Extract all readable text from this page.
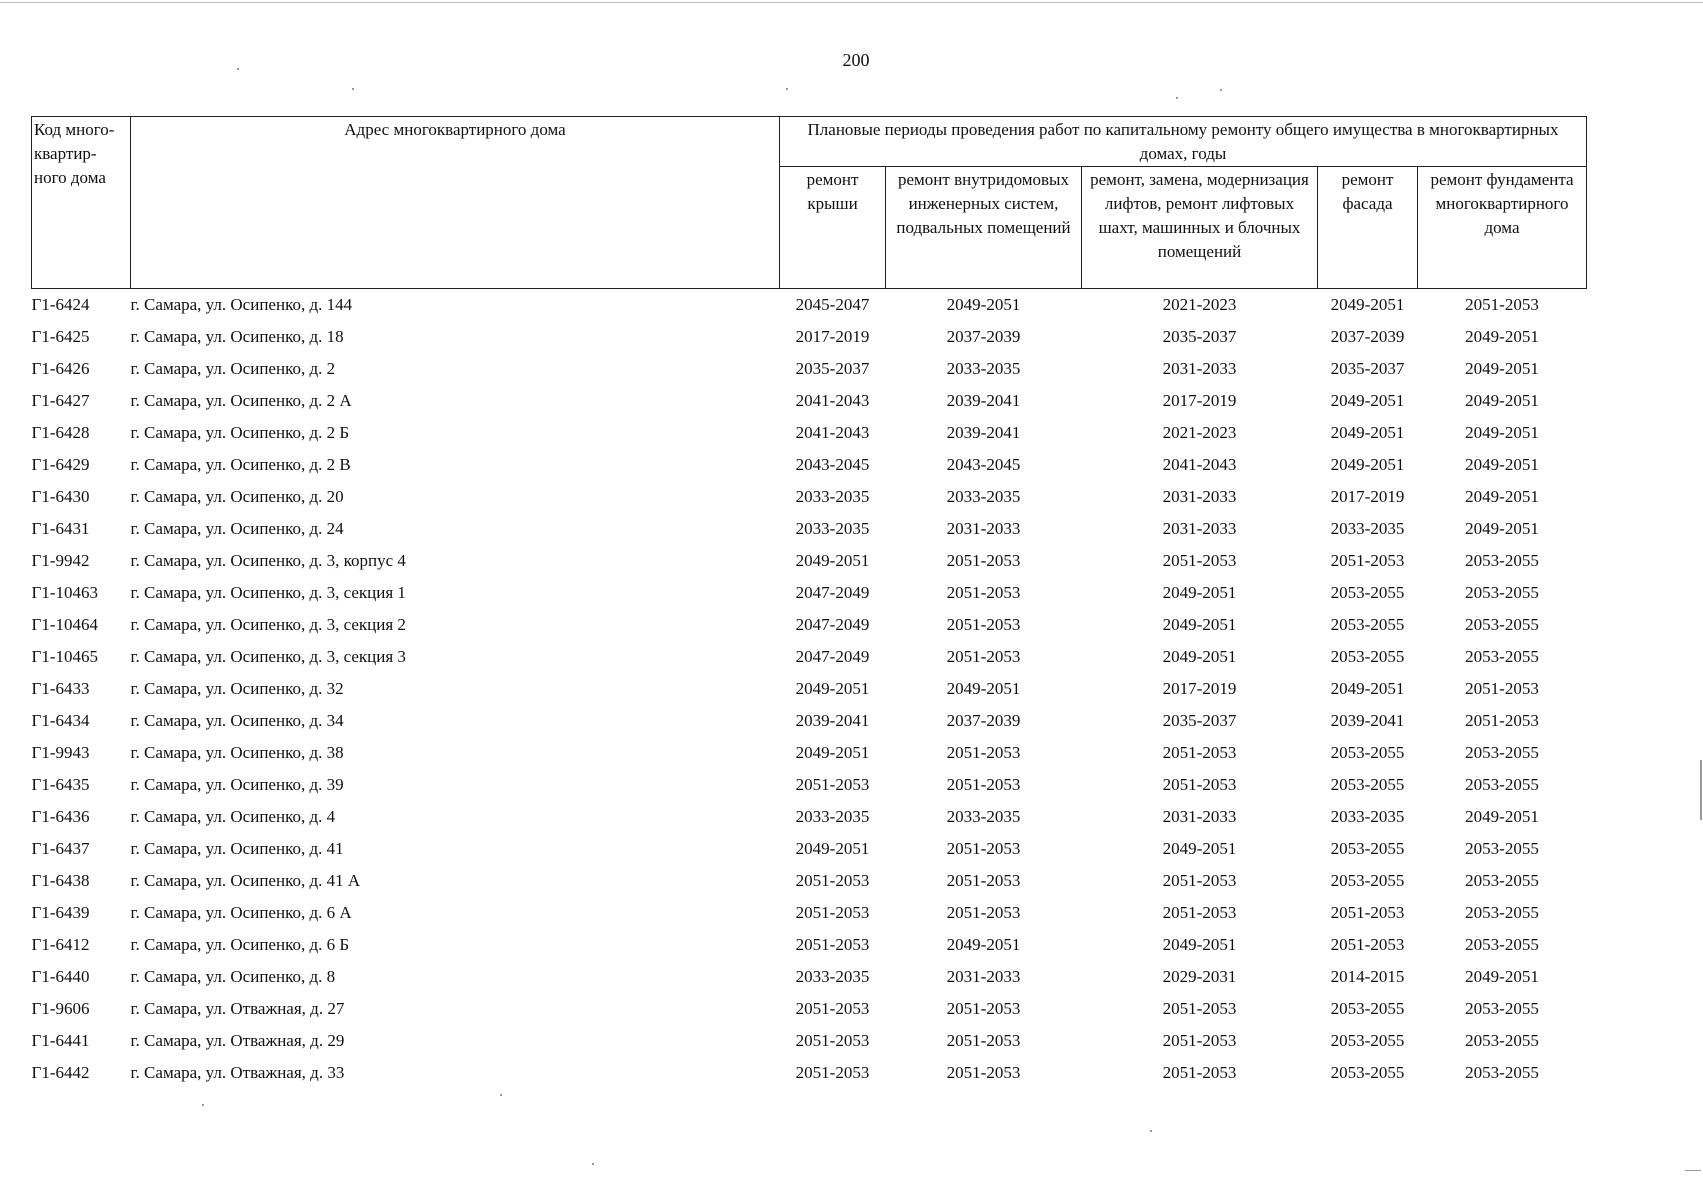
200
Код много-квартир-ного дома	Адрес многоквартирного дома	Плановые периоды проведения работ по капитальному ремонту общего имущества в многоквартирных домах, годы				
		ремонт крыши	ремонт внутридомовых инженерных систем, подвальных помещений	ремонт, замена, модернизация лифтов, ремонт лифтовых шахт, машинных и блочных помещений	ремонт фасада	ремонт фундамента многоквартирного дома
Г1-6424	г. Самара, ул. Осипенко, д. 144	2045-2047	2049-2051	2021-2023	2049-2051	2051-2053
Г1-6425	г. Самара, ул. Осипенко, д. 18	2017-2019	2037-2039	2035-2037	2037-2039	2049-2051
Г1-6426	г. Самара, ул. Осипенко, д. 2	2035-2037	2033-2035	2031-2033	2035-2037	2049-2051
Г1-6427	г. Самара, ул. Осипенко, д. 2 А	2041-2043	2039-2041	2017-2019	2049-2051	2049-2051
Г1-6428	г. Самара, ул. Осипенко, д. 2 Б	2041-2043	2039-2041	2021-2023	2049-2051	2049-2051
Г1-6429	г. Самара, ул. Осипенко, д. 2 В	2043-2045	2043-2045	2041-2043	2049-2051	2049-2051
Г1-6430	г. Самара, ул. Осипенко, д. 20	2033-2035	2033-2035	2031-2033	2017-2019	2049-2051
Г1-6431	г. Самара, ул. Осипенко, д. 24	2033-2035	2031-2033	2031-2033	2033-2035	2049-2051
Г1-9942	г. Самара, ул. Осипенко, д. 3, корпус 4	2049-2051	2051-2053	2051-2053	2051-2053	2053-2055
Г1-10463	г. Самара, ул. Осипенко, д. 3, секция 1	2047-2049	2051-2053	2049-2051	2053-2055	2053-2055
Г1-10464	г. Самара, ул. Осипенко, д. 3, секция 2	2047-2049	2051-2053	2049-2051	2053-2055	2053-2055
Г1-10465	г. Самара, ул. Осипенко, д. 3, секция 3	2047-2049	2051-2053	2049-2051	2053-2055	2053-2055
Г1-6433	г. Самара, ул. Осипенко, д. 32	2049-2051	2049-2051	2017-2019	2049-2051	2051-2053
Г1-6434	г. Самара, ул. Осипенко, д. 34	2039-2041	2037-2039	2035-2037	2039-2041	2051-2053
Г1-9943	г. Самара, ул. Осипенко, д. 38	2049-2051	2051-2053	2051-2053	2053-2055	2053-2055
Г1-6435	г. Самара, ул. Осипенко, д. 39	2051-2053	2051-2053	2051-2053	2053-2055	2053-2055
Г1-6436	г. Самара, ул. Осипенко, д. 4	2033-2035	2033-2035	2031-2033	2033-2035	2049-2051
Г1-6437	г. Самара, ул. Осипенко, д. 41	2049-2051	2051-2053	2049-2051	2053-2055	2053-2055
Г1-6438	г. Самара, ул. Осипенко, д. 41 А	2051-2053	2051-2053	2051-2053	2053-2055	2053-2055
Г1-6439	г. Самара, ул. Осипенко, д. 6 А	2051-2053	2051-2053	2051-2053	2051-2053	2053-2055
Г1-6412	г. Самара, ул. Осипенко, д. 6 Б	2051-2053	2049-2051	2049-2051	2051-2053	2053-2055
Г1-6440	г. Самара, ул. Осипенко, д. 8	2033-2035	2031-2033	2029-2031	2014-2015	2049-2051
Г1-9606	г. Самара, ул. Отважная, д. 27	2051-2053	2051-2053	2051-2053	2053-2055	2053-2055
Г1-6441	г. Самара, ул. Отважная, д. 29	2051-2053	2051-2053	2051-2053	2053-2055	2053-2055
Г1-6442	г. Самара, ул. Отважная, д. 33	2051-2053	2051-2053	2051-2053	2053-2055	2053-2055
